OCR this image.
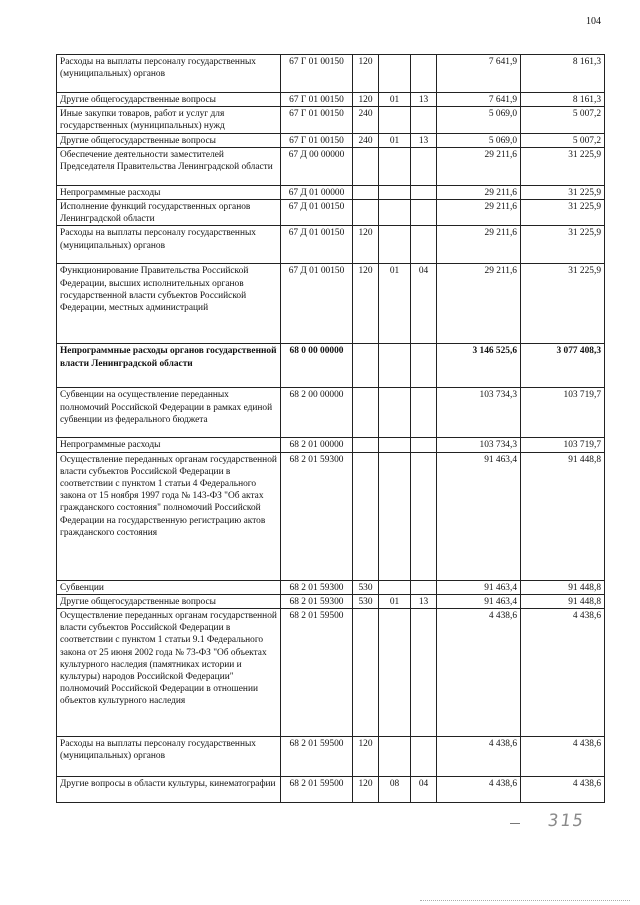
104
Расходы на выплаты персоналу государственных (муниципальных) органов	67 Г 01 00150	120			7 641,9	8 161,3
Другие общегосударственные вопросы	67 Г 01 00150	120	01	13	7 641,9	8 161,3
Иные закупки товаров, работ и услуг для государственных (муниципальных) нужд	67 Г 01 00150	240			5 069,0	5 007,2
Другие общегосударственные вопросы	67 Г 01 00150	240	01	13	5 069,0	5 007,2
Обеспечение деятельности заместителей Председателя Правительства Ленинградской области	67 Д 00 00000				29 211,6	31 225,9
Непрограммные расходы	67 Д 01 00000				29 211,6	31 225,9
Исполнение функций государственных органов Ленинградской области	67 Д 01 00150				29 211,6	31 225,9
Расходы на выплаты персоналу государственных (муниципальных) органов	67 Д 01 00150	120			29 211,6	31 225,9
Функционирование Правительства Российской Федерации, высших исполнительных органов государственной власти субъектов Российской Федерации, местных администраций	67 Д 01 00150	120	01	04	29 211,6	31 225,9
Непрограммные расходы органов государственной власти Ленинградской области	68 0 00 00000				3 146 525,6	3 077 408,3
Субвенции на осуществление переданных полномочий Российской Федерации в рамках единой субвенции из федерального бюджета	68 2 00 00000				103 734,3	103 719,7
Непрограммные расходы	68 2 01 00000				103 734,3	103 719,7
Осуществление переданных органам государственной власти субъектов Российской Федерации в соответствии с пунктом 1 статьи 4 Федерального закона от 15 ноября 1997 года № 143-ФЗ "Об актах гражданского состояния" полномочий Российской Федерации на государственную регистрацию актов гражданского состояния	68 2 01 59300				91 463,4	91 448,8
Субвенции	68 2 01 59300	530			91 463,4	91 448,8
Другие общегосударственные вопросы	68 2 01 59300	530	01	13	91 463,4	91 448,8
Осуществление переданных органам государственной власти субъектов Российской Федерации в соответствии с пунктом 1 статьи 9.1 Федерального закона от 25 июня 2002 года № 73-ФЗ "Об объектах культурного наследия (памятниках истории и культуры) народов Российской Федерации" полномочий Российской Федерации в отношении объектов культурного наследия	68 2 01 59500				4 438,6	4 438,6
Расходы на выплаты персоналу государственных (муниципальных) органов	68 2 01 59500	120			4 438,6	4 438,6
Другие вопросы в области культуры, кинематографии	68 2 01 59500	120	08	04	4 438,6	4 438,6
315
